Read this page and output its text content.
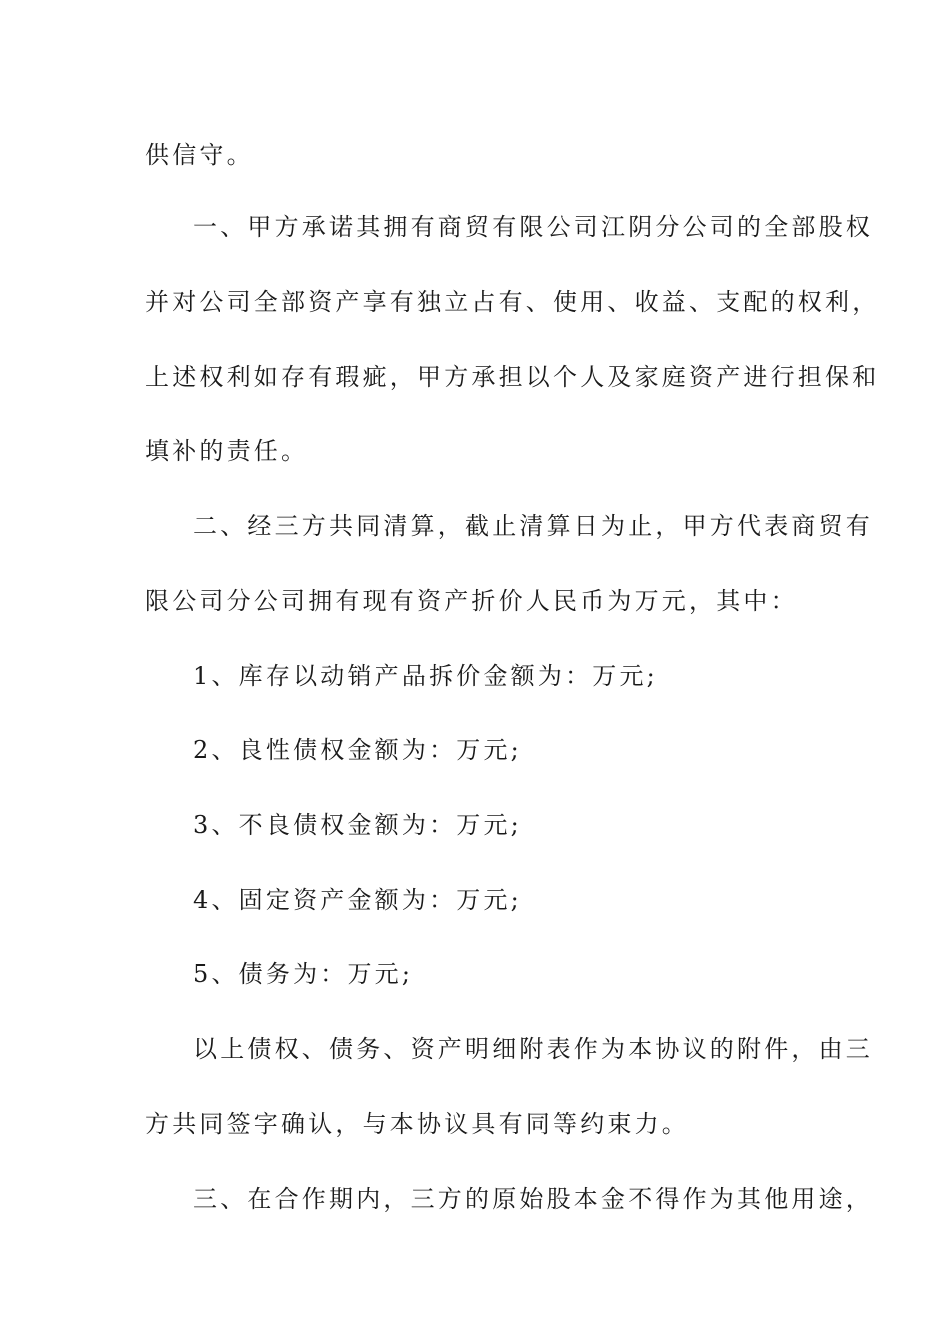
供信守。
一、甲方承诺其拥有商贸有限公司江阴分公司的全部股权
并对公司全部资产享有独立占有、使用、收益、支配的权利，
上述权利如存有瑕疵，甲方承担以个人及家庭资产进行担保和
填补的责任。
二、经三方共同清算，截止清算日为止，甲方代表商贸有
限公司分公司拥有现有资产折价人民币为万元，其中：
1、库存以动销产品拆价金额为：万元;
2、良性债权金额为：万元;
3、不良债权金额为：万元;
4、固定资产金额为：万元;
5、债务为：万元;
以上债权、债务、资产明细附表作为本协议的附件，由三
方共同签字确认，与本协议具有同等约束力。
三、在合作期内，三方的原始股本金不得作为其他用途，
